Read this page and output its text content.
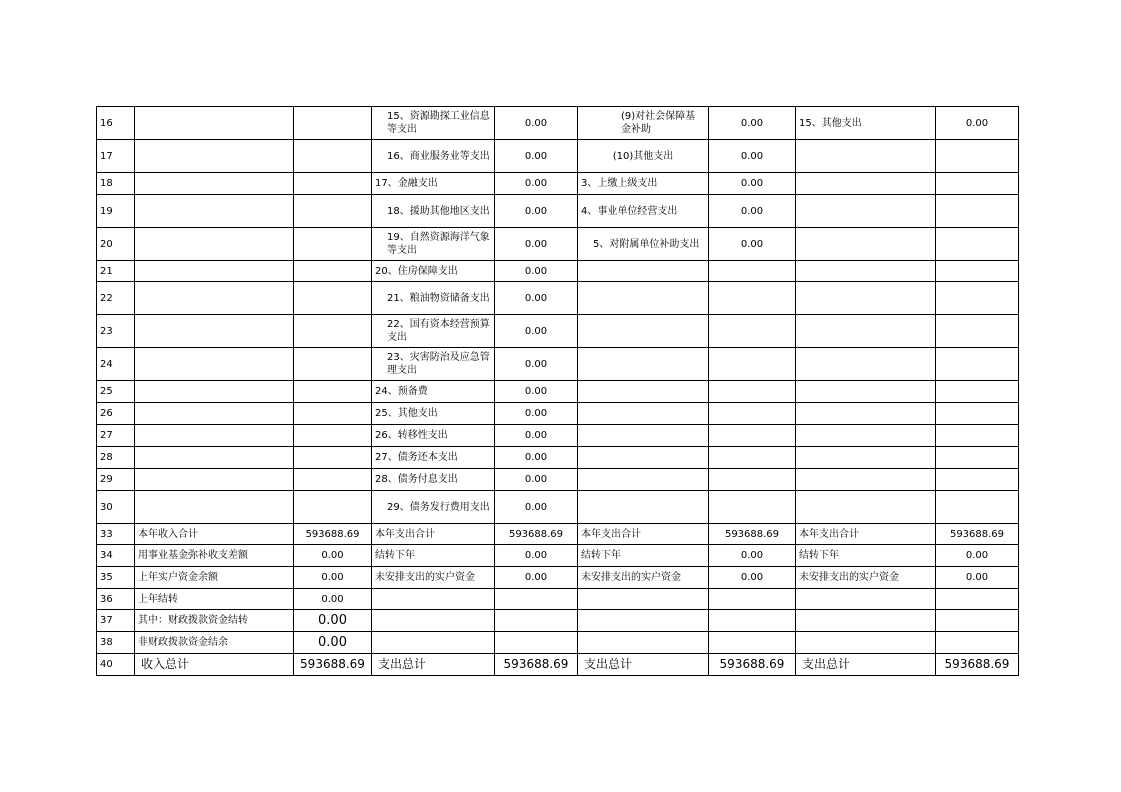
16			15、资源勘探工业信息等支出	0.00	(9)对社会保障基金补助	0.00	15、其他支出	0.00
17			16、商业服务业等支出	0.00	(10)其他支出	0.00		
18			17、金融支出	0.00	3、上缴上级支出	0.00		
19			18、援助其他地区支出	0.00	4、事业单位经营支出	0.00		
20			19、自然资源海洋气象等支出	0.00	5、对附属单位补助支出	0.00		
21			20、住房保障支出	0.00				
22			21、粮油物资储备支出	0.00				
23			22、国有资本经营预算支出	0.00				
24			23、灾害防治及应急管理支出	0.00				
25			24、预备费	0.00				
26			25、其他支出	0.00				
27			26、转移性支出	0.00				
28			27、债务还本支出	0.00				
29			28、债务付息支出	0.00				
30			29、债务发行费用支出	0.00				
33	本年收入合计	593688.69	本年支出合计	593688.69	本年支出合计	593688.69	本年支出合计	593688.69
34	用事业基金弥补收支差额	0.00	结转下年	0.00	结转下年	0.00	结转下年	0.00
35	上年实户资金余额	0.00	未安排支出的实户资金	0.00	未安排支出的实户资金	0.00	未安排支出的实户资金	0.00
36	上年结转	0.00						
37	其中：财政拨款资金结转	0.00						
38	非财政拨款资金结余	0.00						
40	收入总计	593688.69	支出总计	593688.69	支出总计	593688.69	支出总计	593688.69
